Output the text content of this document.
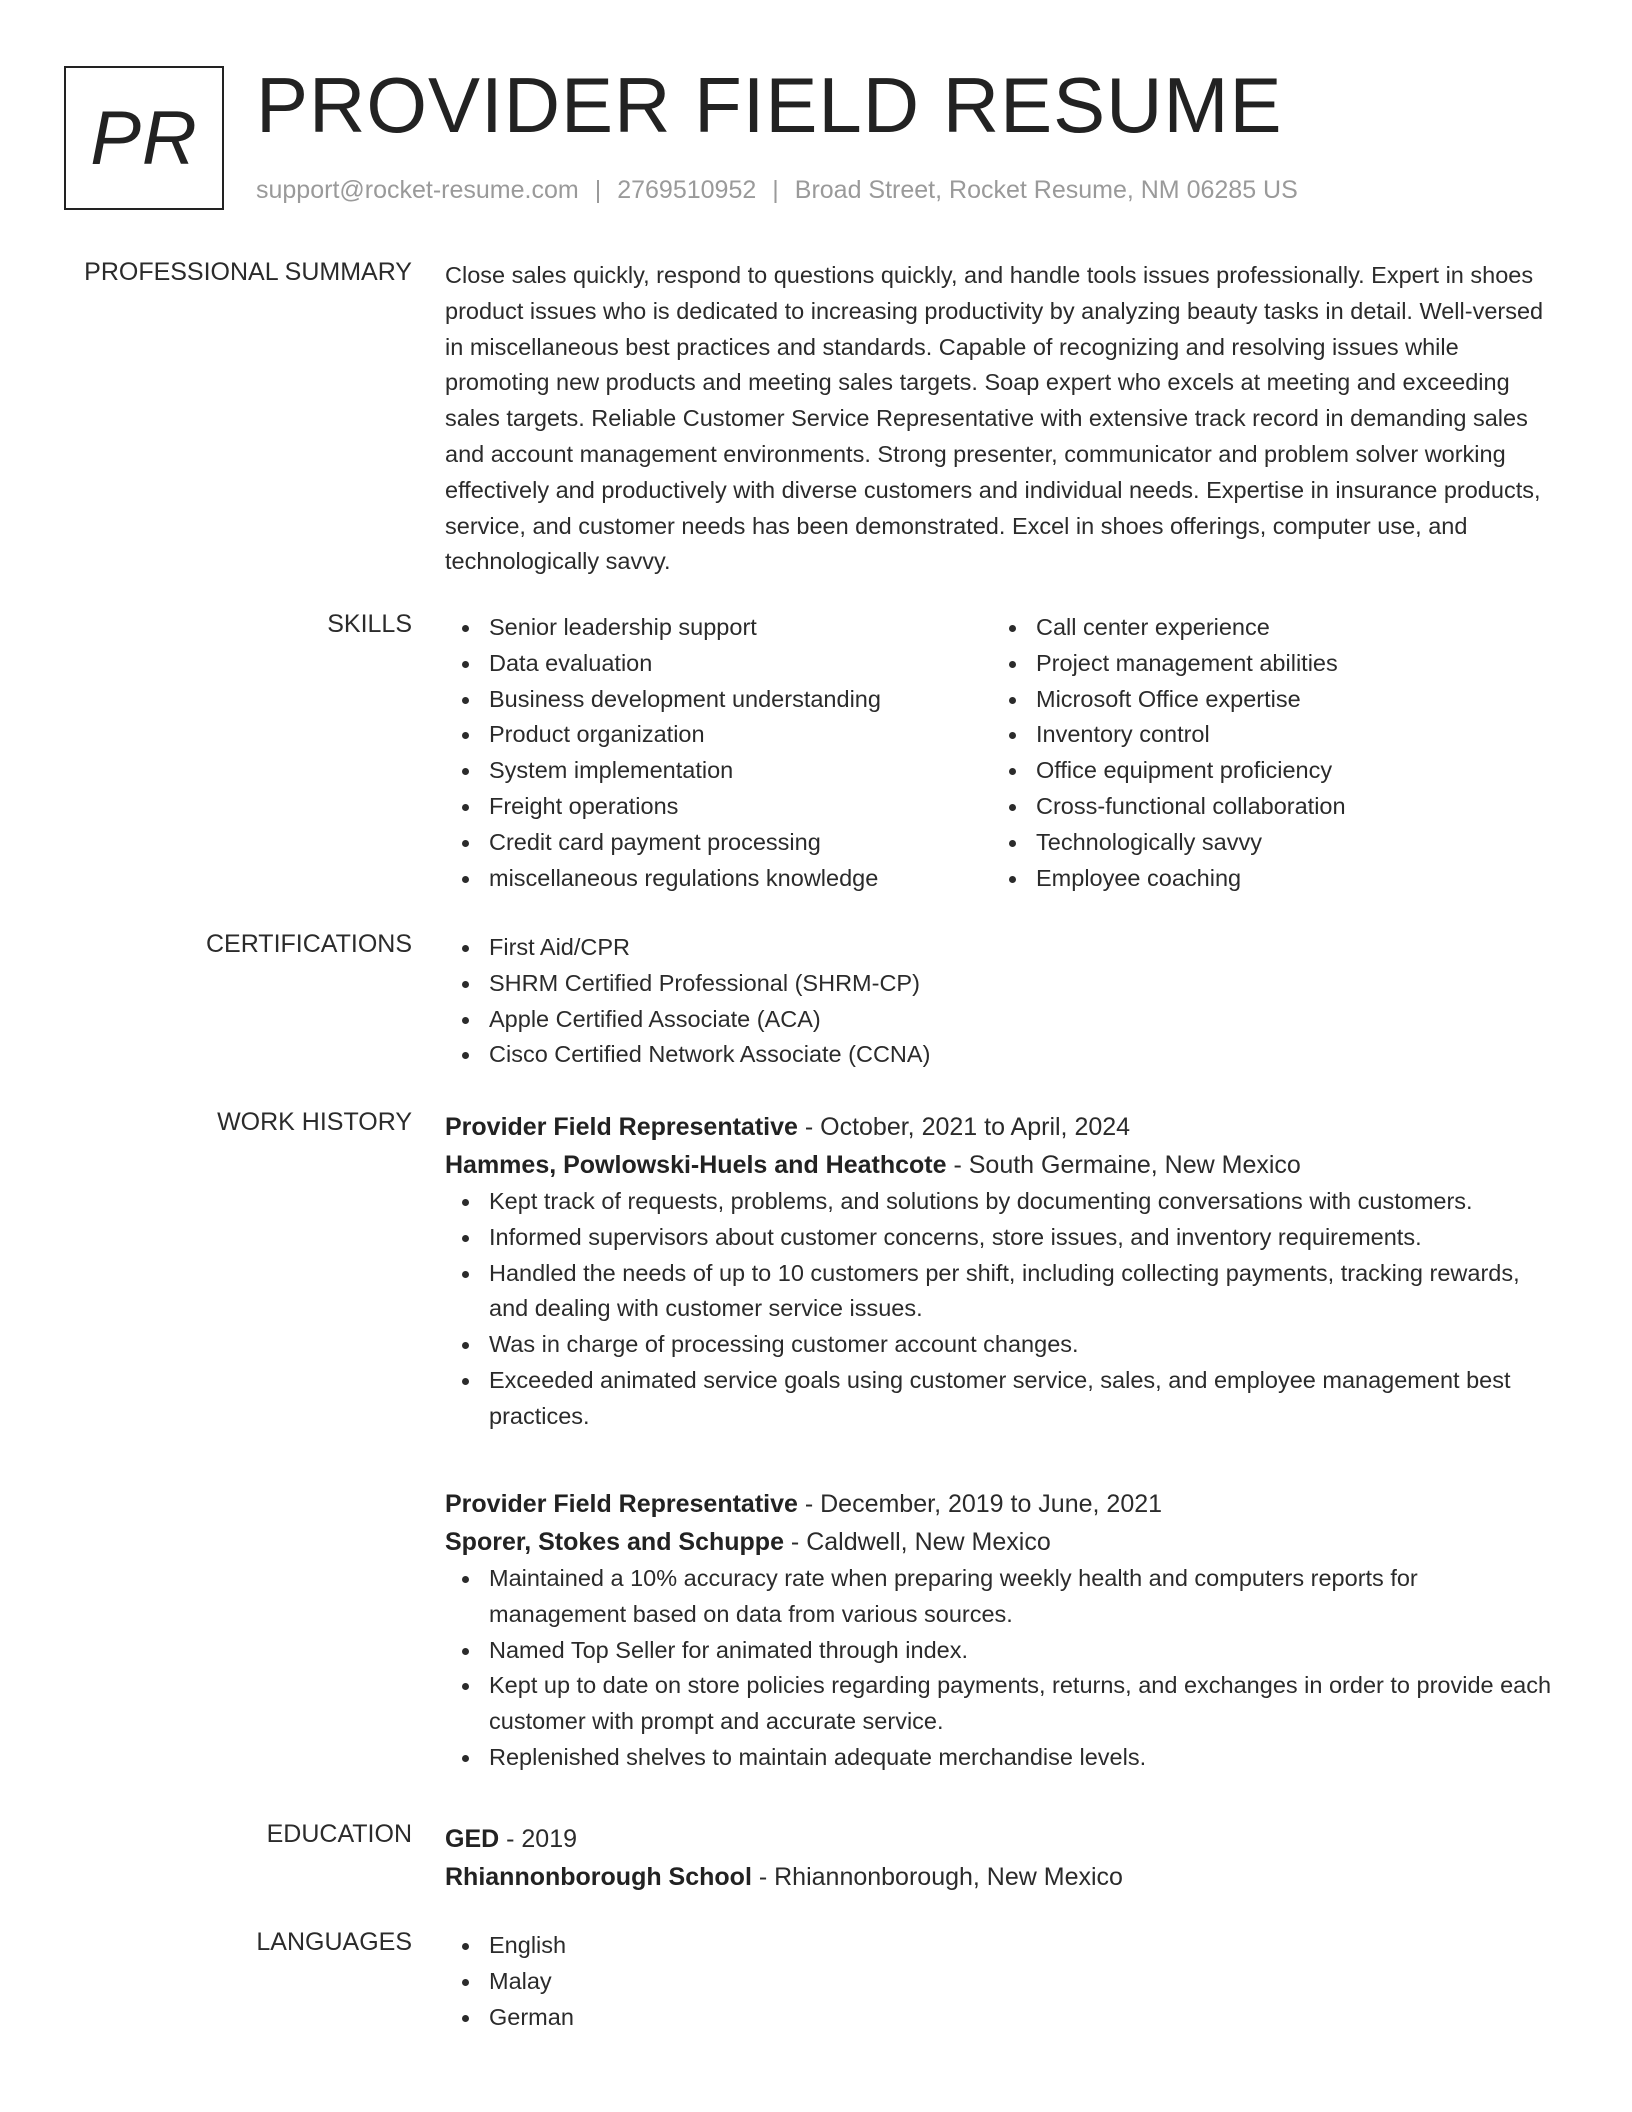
PR PROVIDER FIELD RESUME
support@rocket-resume.com | 2769510952 | Broad Street, Rocket Resume, NM 06285 US
PROFESSIONAL SUMMARY Close sales quickly, respond to questions quickly, and handle tools issues professionally. Expert in shoes product issues who is dedicated to increasing productivity by analyzing beauty tasks in detail. Well-versed in miscellaneous best practices and standards. Capable of recognizing and resolving issues while promoting new products and meeting sales targets. Soap expert who excels at meeting and exceeding sales targets. Reliable Customer Service Representative with extensive track record in demanding sales and account management environments. Strong presenter, communicator and problem solver working effectively and productively with diverse customers and individual needs. Expertise in insurance products, service, and customer needs has been demonstrated. Excel in shoes offerings, computer use, and technologically savvy.

SKILLS	Senior leadership support
Data evaluation
Business development understanding
Product organization
System implementation
Freight operations
Credit card payment processing
miscellaneous regulations knowledge
Call center experience
Project management abilities
Microsoft Office expertise
Inventory control
Office equipment proficiency
Cross-functional collaboration
Technologically savvy
Employee coaching
CERTIFICATIONS	First Aid/CPR
SHRM Certified Professional (SHRM-CP)
Apple Certified Associate (ACA)
Cisco Certified Network Associate (CCNA)
WORK HISTORY Provider Field Representative - October, 2021 to April, 2024
Hammes, Powlowski-Huels and Heathcote - South Germaine, New Mexico
Kept track of requests, problems, and solutions by documenting conversations with customers.
Informed supervisors about customer concerns, store issues, and inventory requirements.
Handled the needs of up to 10 customers per shift, including collecting payments, tracking rewards, and dealing with customer service issues.
Was in charge of processing customer account changes.
Exceeded animated service goals using customer service, sales, and employee management best practices.
Provider Field Representative - December, 2019 to June, 2021
Sporer, Stokes and Schuppe - Caldwell, New Mexico
Maintained a 10% accuracy rate when preparing weekly health and computers reports for management based on data from various sources.
Named Top Seller for animated through index.
Kept up to date on store policies regarding payments, returns, and exchanges in order to provide each customer with prompt and accurate service.
Replenished shelves to maintain adequate merchandise levels.
EDUCATION GED - 2019
Rhiannonborough School - Rhiannonborough, New Mexico
LANGUAGES	English
Malay
German
